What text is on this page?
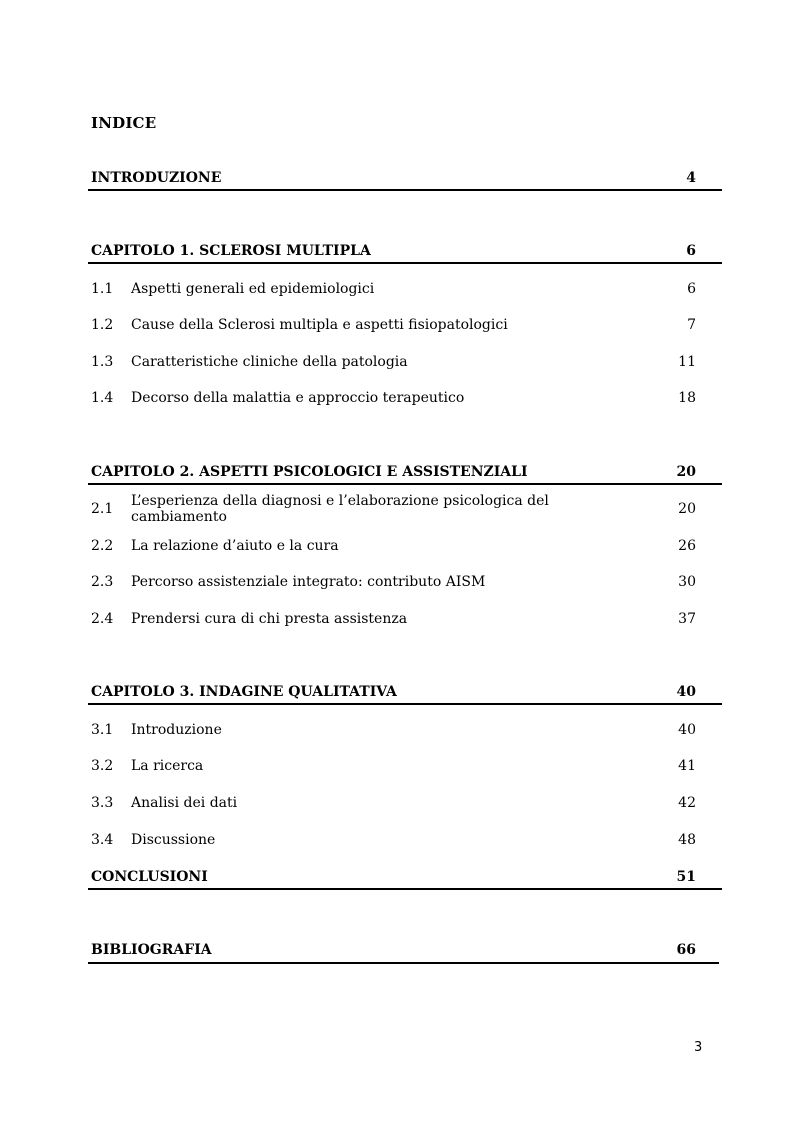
INDICE
INTRODUZIONE	4
CAPITOLO 1. SCLEROSI MULTIPLA	6
1.1	Aspetti generali ed epidemiologici	6
1.2	Cause della Sclerosi multipla e aspetti fisiopatologici	7
1.3	Caratteristiche cliniche della patologia	11
1.4	Decorso della malattia e approccio terapeutico	18
CAPITOLO 2. ASPETTI PSICOLOGICI E ASSISTENZIALI	20
2.1	L’esperienza della diagnosi e l’elaborazione psicologica del cambiamento	20
2.2	La relazione d’aiuto e la cura	26
2.3	Percorso assistenziale integrato: contributo AISM	30
2.4	Prendersi cura di chi presta assistenza	37
CAPITOLO 3. INDAGINE QUALITATIVA	40
3.1	Introduzione	40
3.2	La ricerca	41
3.3	Analisi dei dati	42
3.4	Discussione	48
CONCLUSIONI	51
BIBLIOGRAFIA	66
3
